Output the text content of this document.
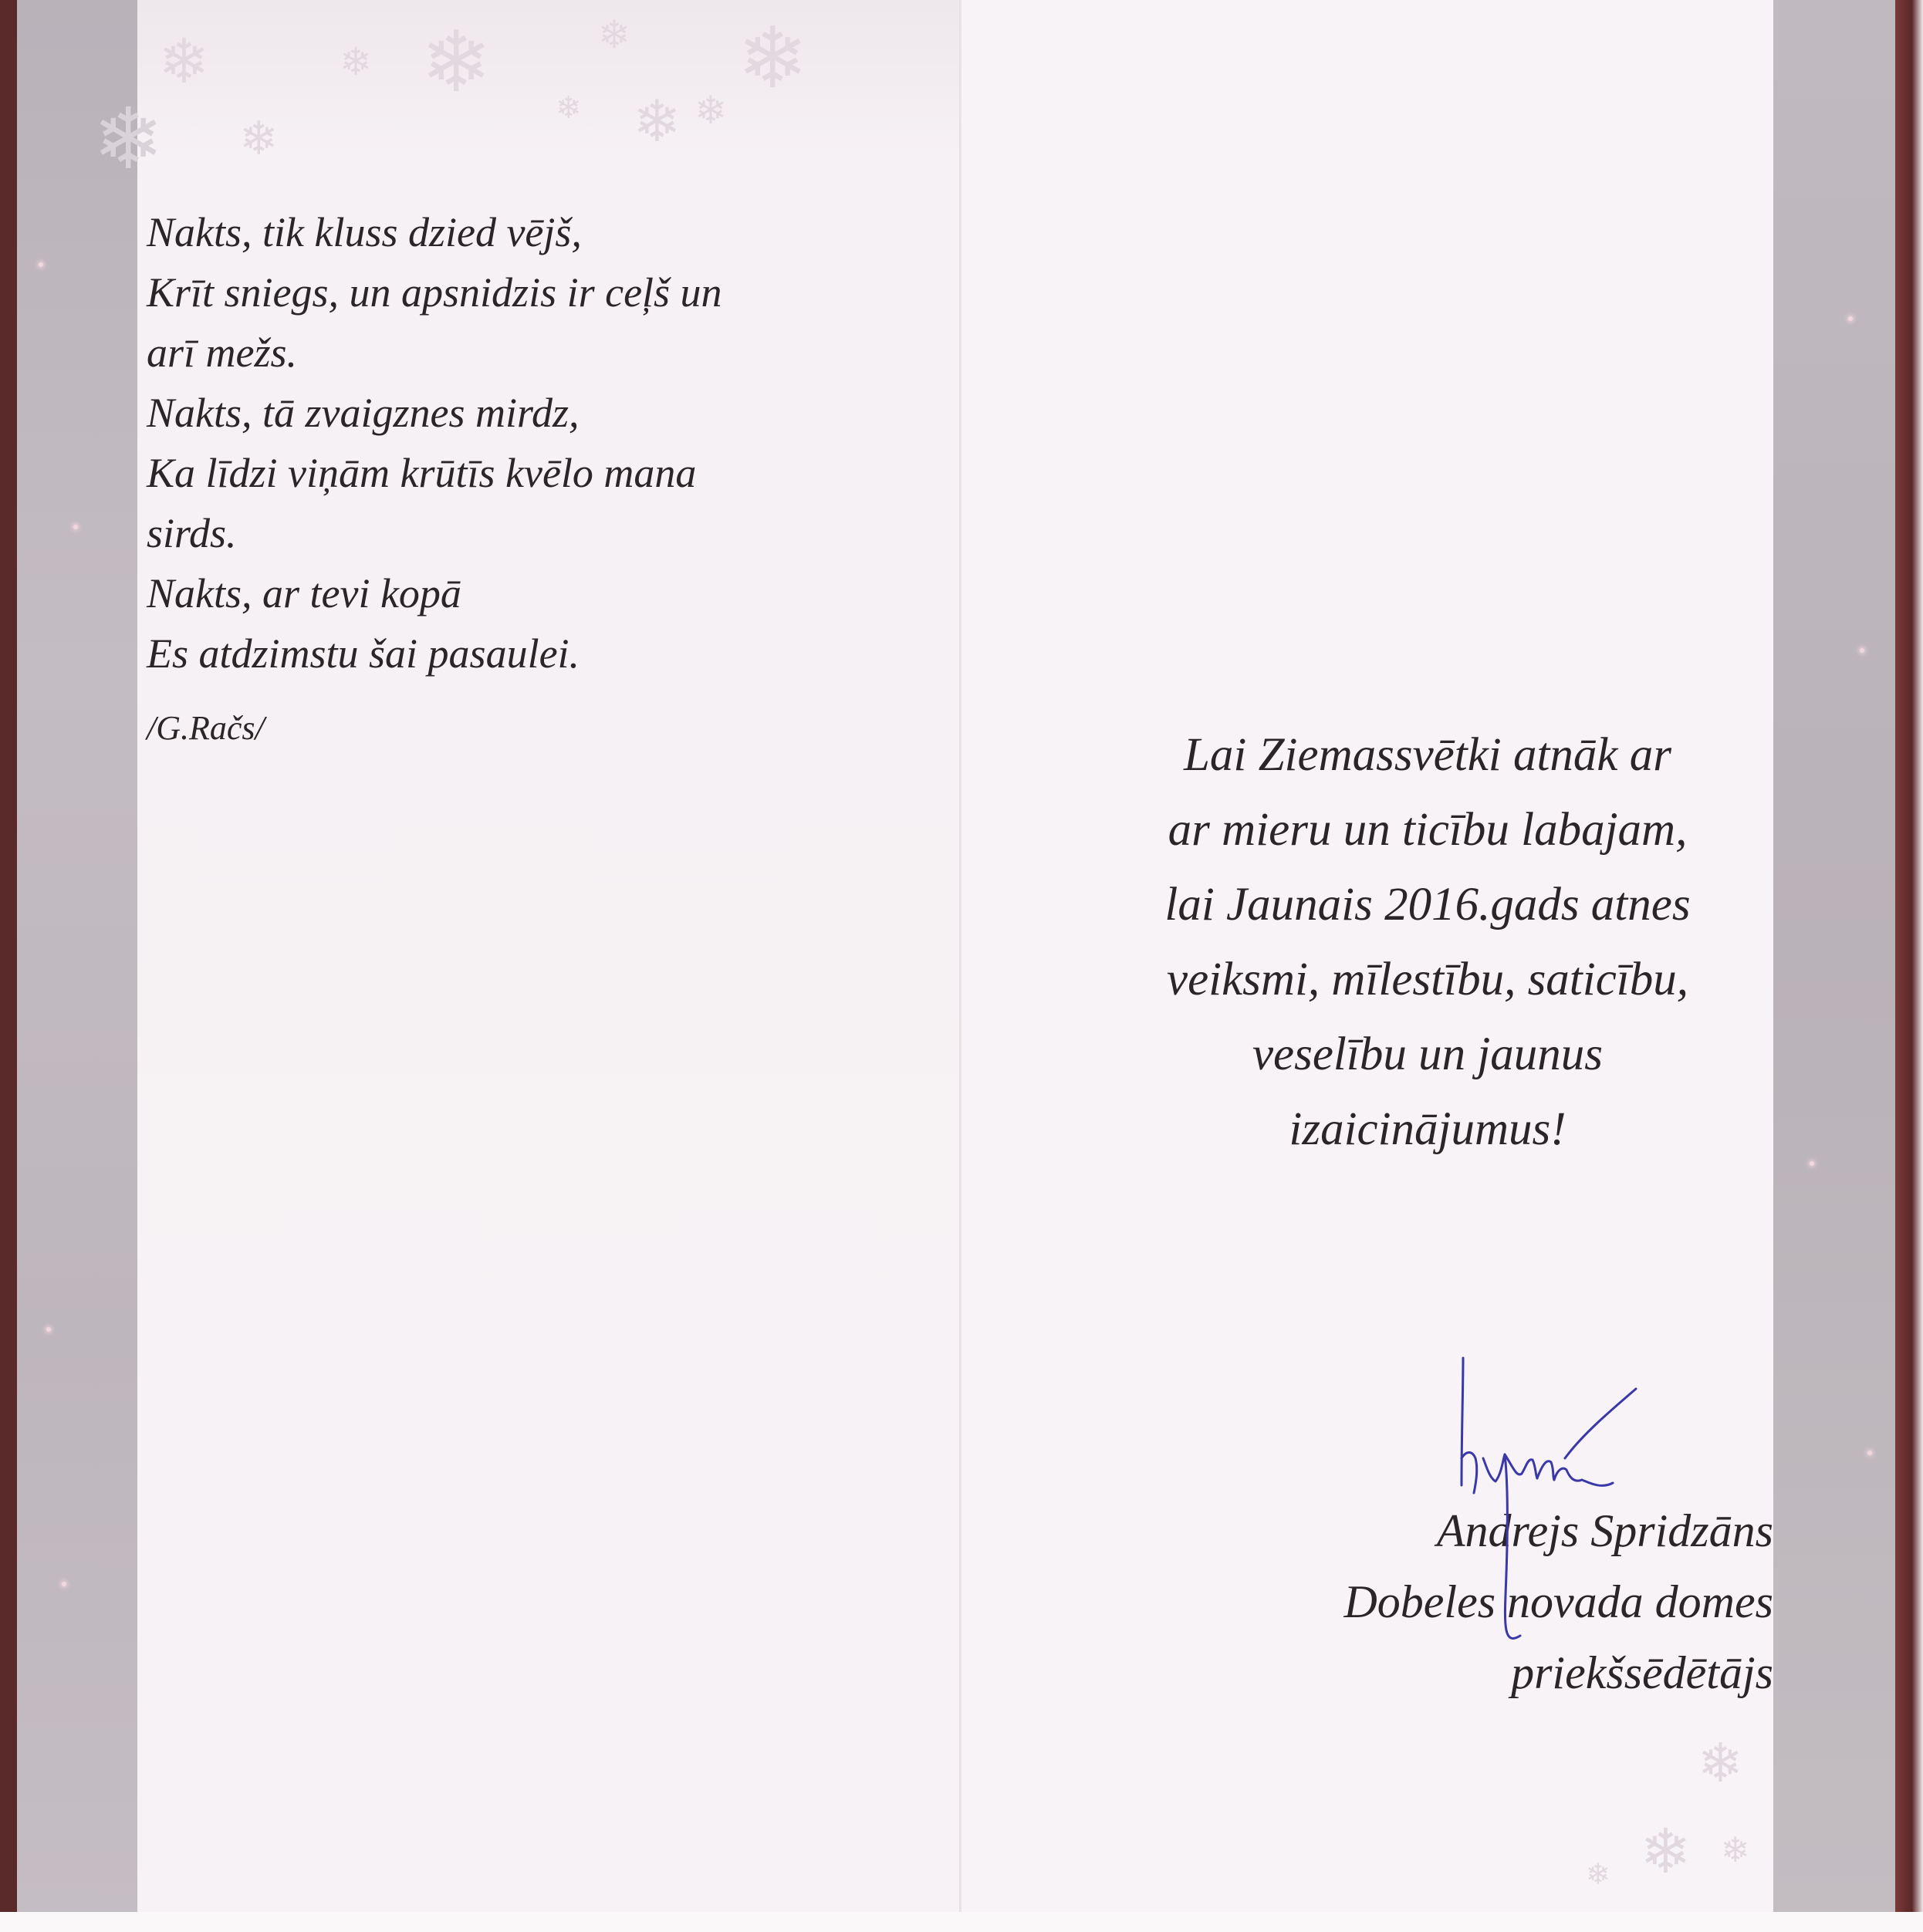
❄
❄ ❄
❄ ❄ ❄
❄
❄ ❄
❄
❄
❄ ❄
❄
Nakts, tik kluss dzied vējš,
Krīt sniegs, un apsnidzis ir ceļš un
arī mežs.
Nakts, tā zvaigznes mirdz,
Ka līdzi viņām krūtīs kvēlo mana
sirds.
Nakts, ar tevi kopā
Es atdzimstu šai pasaulei.
/G.Račs/
Lai Ziemassvētki atnāk ar
ar mieru un ticību labajam,
lai Jaunais 2016.gads atnes
veiksmi, mīlestību, saticību,
veselību un jaunus
izaicinājumus!
Andrejs Spridzāns
Dobeles novada domes
priekšsēdētājs
